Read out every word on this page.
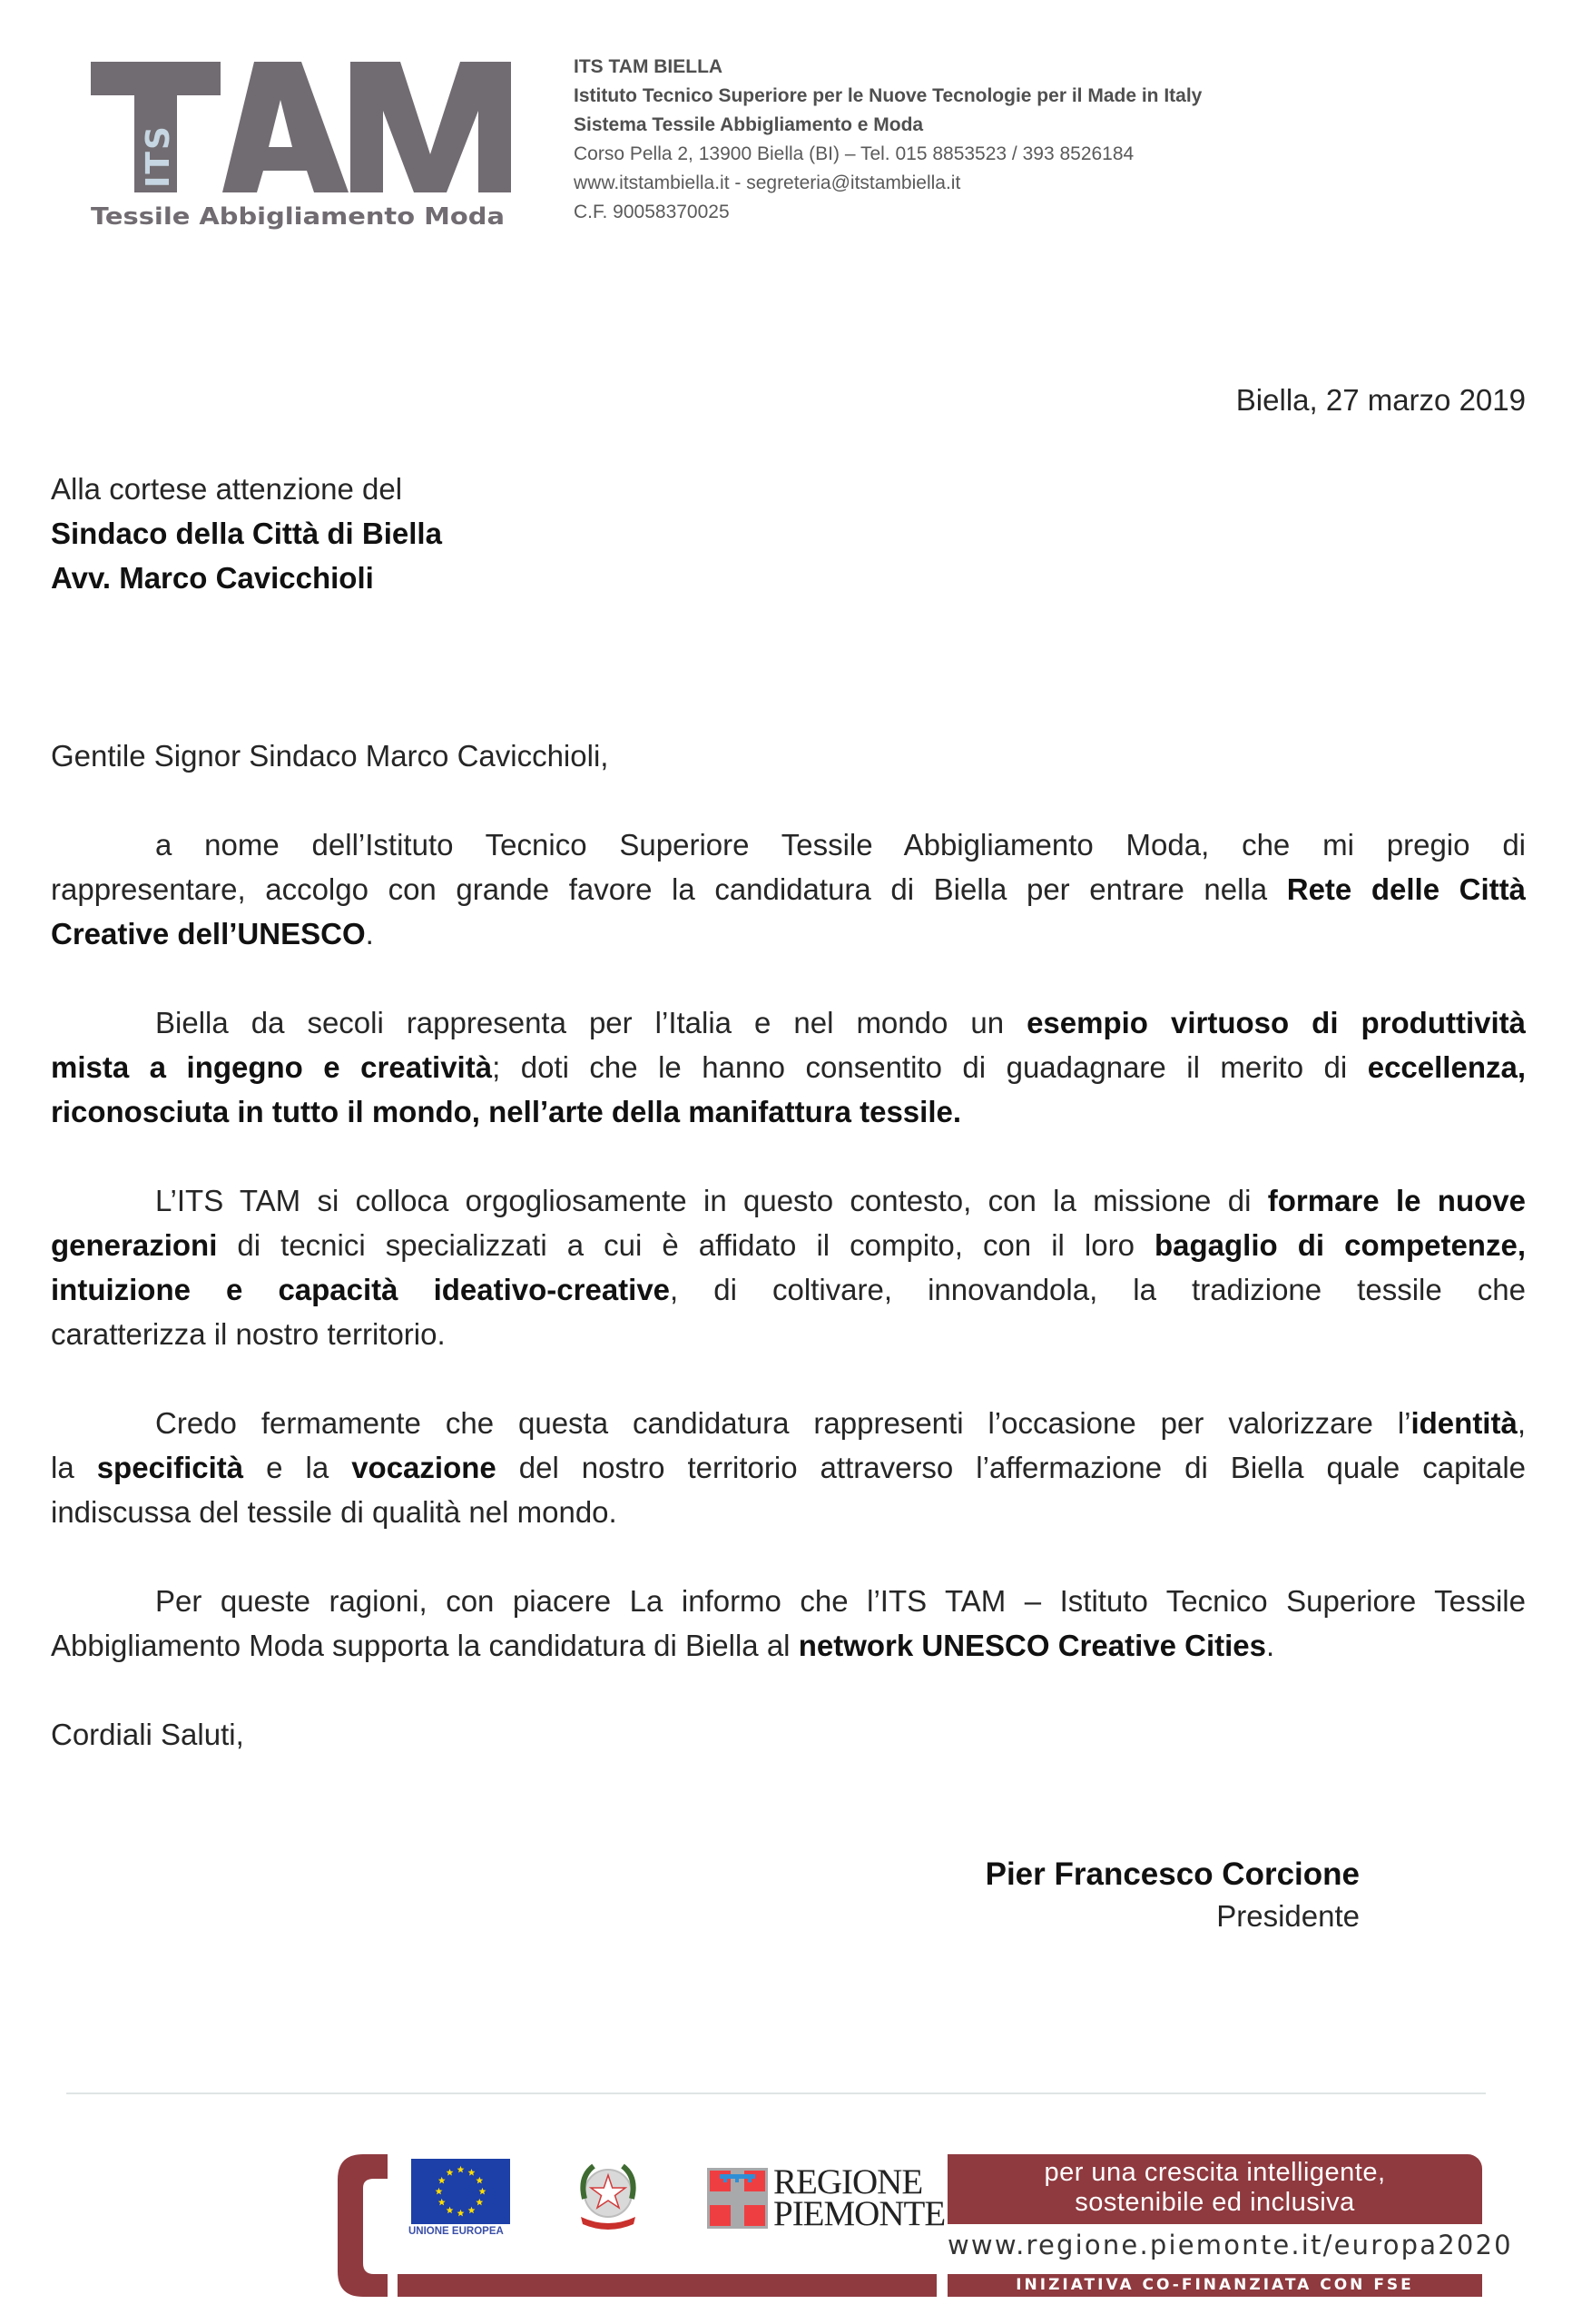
ITS
Tessile Abbigliamento Moda
ITS TAM BIELLA
Istituto Tecnico Superiore per le Nuove Tecnologie per il Made in Italy
Sistema Tessile Abbigliamento e Moda
Corso Pella 2, 13900 Biella (BI) – Tel. 015 8853523 / 393 8526184
www.itstambiella.it - segreteria@itstambiella.it
C.F. 90058370025
Biella, 27 marzo 2019
Alla cortese attenzione del
Sindaco della Città di Biella
Avv. Marco Cavicchioli
Gentile Signor Sindaco Marco Cavicchioli,
a nome dell’Istituto Tecnico Superiore Tessile Abbigliamento Moda, che mi pregio di
rappresentare, accolgo con grande favore la candidatura di Biella per entrare nella Rete delle Città
Creative dell’UNESCO.
Biella da secoli rappresenta per l’Italia e nel mondo un esempio virtuoso di produttività
mista a ingegno e creatività; doti che le hanno consentito di guadagnare il merito di eccellenza,
riconosciuta in tutto il mondo, nell’arte della manifattura tessile.
L’ITS TAM si colloca orgogliosamente in questo contesto, con la missione di formare le nuove
generazioni di tecnici specializzati a cui è affidato il compito, con il loro bagaglio di competenze,
intuizione e capacità ideativo-creative, di coltivare, innovandola, la tradizione tessile che
caratterizza il nostro territorio.
Credo fermamente che questa candidatura rappresenti l’occasione per valorizzare l’identità,
la specificità e la vocazione del nostro territorio attraverso l’affermazione di Biella quale capitale
indiscussa del tessile di qualità nel mondo.
Per queste ragioni, con piacere La informo che l’ITS TAM – Istituto Tecnico Superiore Tessile
Abbigliamento Moda supporta la candidatura di Biella al network UNESCO Creative Cities.
Cordiali Saluti,
Pier Francesco Corcione
Presidente
UNIONE EUROPEA
REGIONE
PIEMONTE
per una crescita intelligente,
sostenibile ed inclusiva
www.regione.piemonte.it/europa2020
INIZIATIVA CO-FINANZIATA CON FSE
